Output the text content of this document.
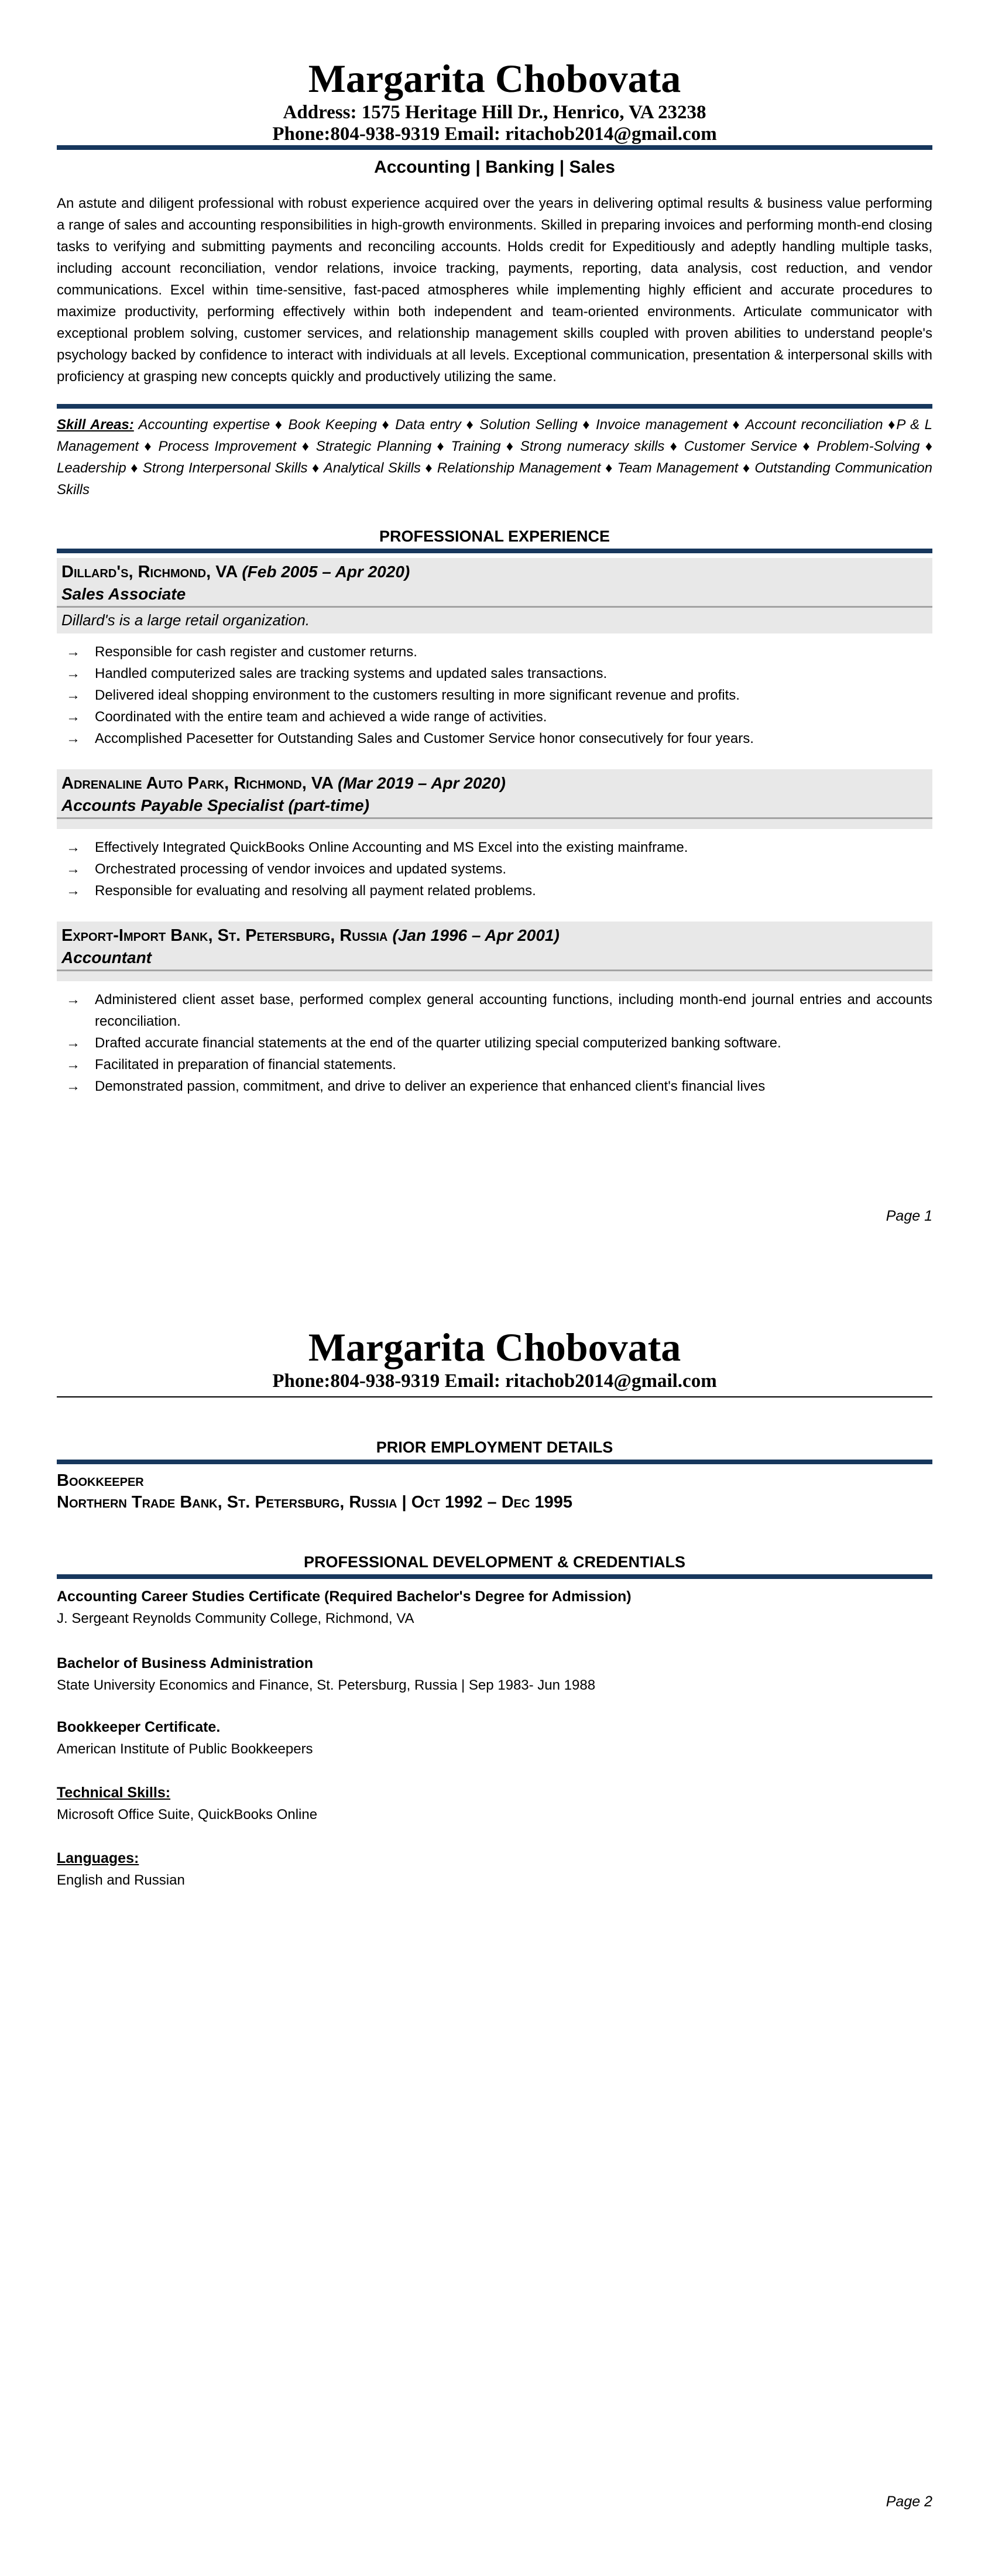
Margarita Chobovata
Address: 1575 Heritage Hill Dr., Henrico, VA 23238
Phone:804-938-9319 Email: ritachob2014@gmail.com
Accounting | Banking | Sales
An astute and diligent professional with robust experience acquired over the years in delivering optimal results & business value performing a range of sales and accounting responsibilities in high-growth environments. Skilled in preparing invoices and performing month-end closing tasks to verifying and submitting payments and reconciling accounts. Holds credit for Expeditiously and adeptly handling multiple tasks, including account reconciliation, vendor relations, invoice tracking, payments, reporting, data analysis, cost reduction, and vendor communications. Excel within time-sensitive, fast-paced atmospheres while implementing highly efficient and accurate procedures to maximize productivity, performing effectively within both independent and team-oriented environments. Articulate communicator with exceptional problem solving, customer services, and relationship management skills coupled with proven abilities to understand people's psychology backed by confidence to interact with individuals at all levels. Exceptional communication, presentation & interpersonal skills with proficiency at grasping new concepts quickly and productively utilizing the same.
Skill Areas: Accounting expertise ♦ Book Keeping ♦ Data entry ♦ Solution Selling ♦ Invoice management ♦ Account reconciliation ♦P & L Management ♦ Process Improvement ♦ Strategic Planning ♦ Training ♦ Strong numeracy skills ♦ Customer Service ♦ Problem-Solving ♦ Leadership ♦ Strong Interpersonal Skills ♦ Analytical Skills ♦ Relationship Management ♦ Team Management ♦ Outstanding Communication Skills
PROFESSIONAL EXPERIENCE
Dillard's, Richmond, VA (Feb 2005 – Apr 2020)
Sales Associate
Dillard's is a large retail organization.
→	Responsible for cash register and customer returns.
→	Handled computerized sales are tracking systems and updated sales transactions.
→	Delivered ideal shopping environment to the customers resulting in more significant revenue and profits.
→	Coordinated with the entire team and achieved a wide range of activities.
→	Accomplished Pacesetter for Outstanding Sales and Customer Service honor consecutively for four years.
Adrenaline Auto Park, Richmond, VA (Mar 2019 – Apr 2020)
Accounts Payable Specialist (part-time)
→	Effectively Integrated QuickBooks Online Accounting and MS Excel into the existing mainframe.
→	Orchestrated processing of vendor invoices and updated systems.
→	Responsible for evaluating and resolving all payment related problems.
Export-Import Bank, St. Petersburg, Russia (Jan 1996 – Apr 2001)
Accountant
→	Administered client asset base, performed complex general accounting functions, including month-end journal entries and accounts reconciliation.
→	Drafted accurate financial statements at the end of the quarter utilizing special computerized banking software.
→	Facilitated in preparation of financial statements.
→	Demonstrated passion, commitment, and drive to deliver an experience that enhanced client's financial lives
Page 1
Margarita Chobovata
Phone:804-938-9319 Email: ritachob2014@gmail.com
PRIOR EMPLOYMENT DETAILS
Bookkeeper
Northern Trade Bank, St. Petersburg, Russia | Oct 1992 – Dec 1995
PROFESSIONAL DEVELOPMENT & CREDENTIALS
Accounting Career Studies Certificate (Required Bachelor's Degree for Admission)
J. Sergeant Reynolds Community College, Richmond, VA
Bachelor of Business Administration
State University Economics and Finance, St. Petersburg, Russia | Sep 1983- Jun 1988
Bookkeeper Certificate.
American Institute of Public Bookkeepers
Technical Skills:
Microsoft Office Suite, QuickBooks Online
Languages:
English and Russian
Page 2
